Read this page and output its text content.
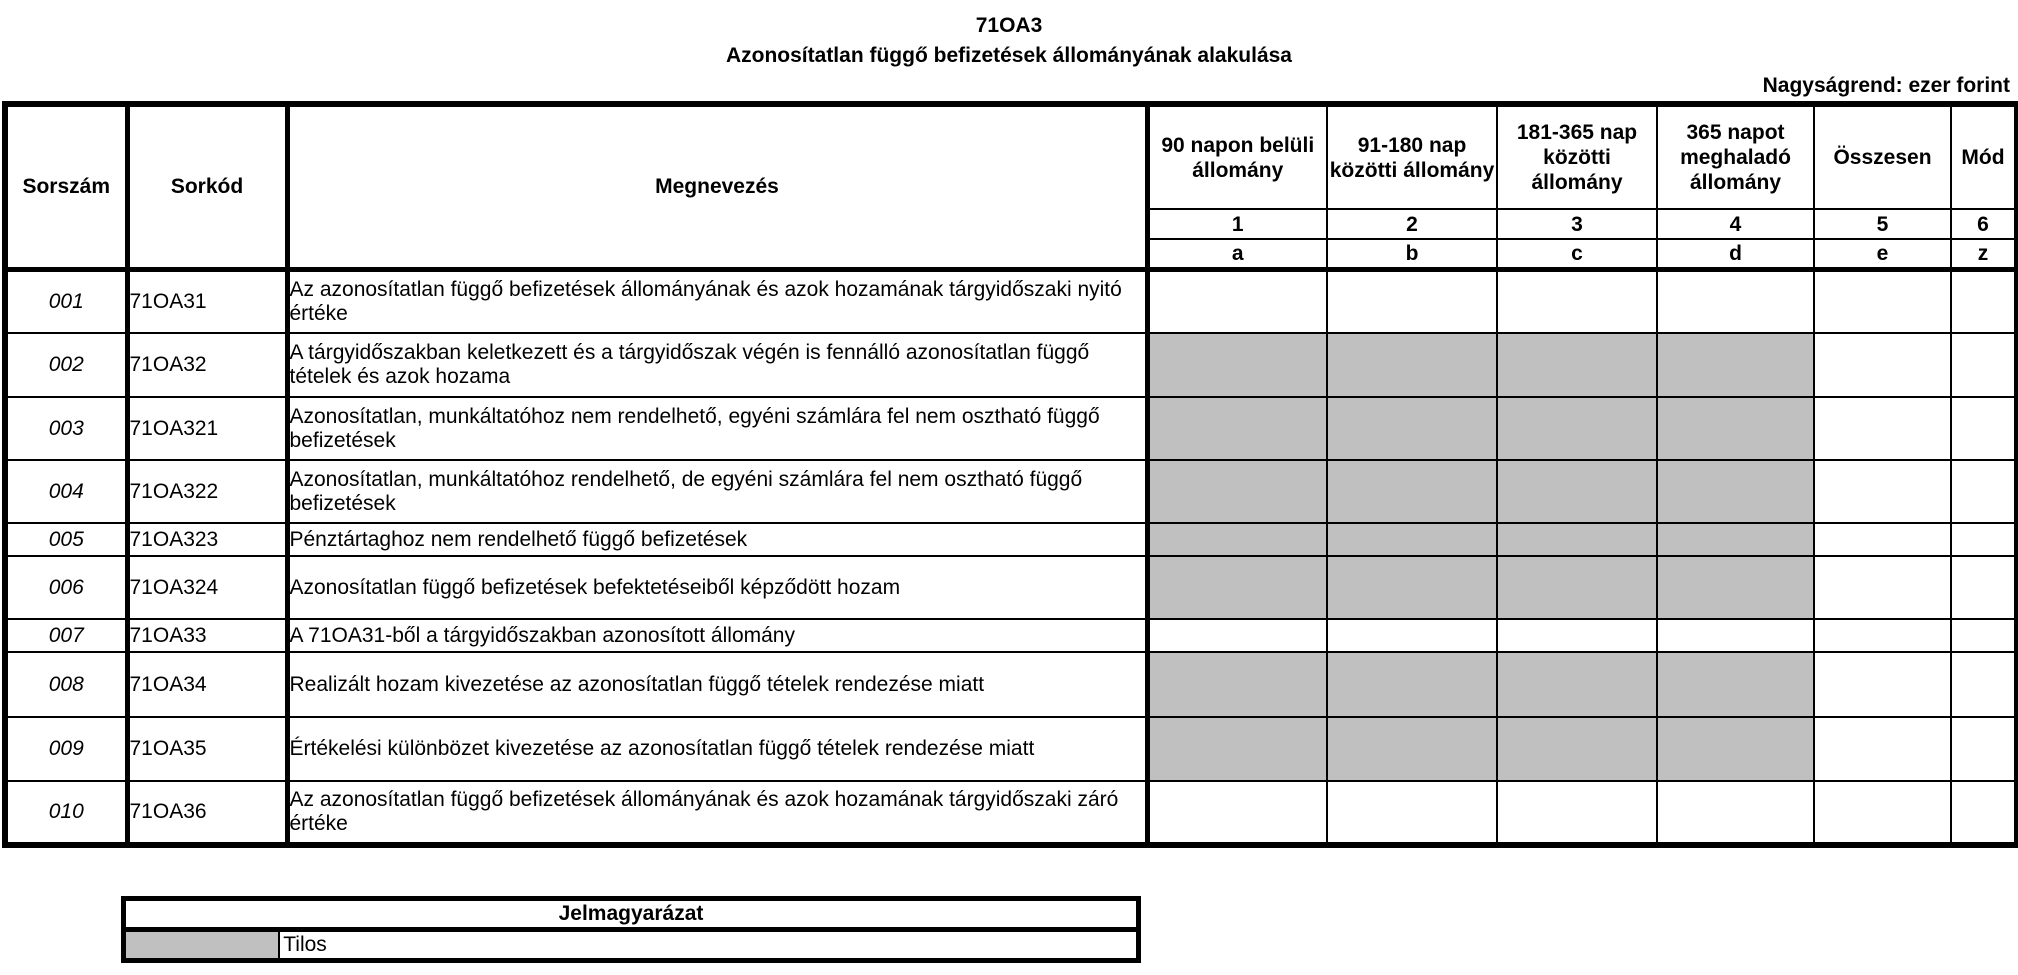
71OA3
Azonosítatlan függő befizetések állományának alakulása
Nagyságrend: ezer forint
Sorszám	Sorkód	Megnevezés	90 napon belüli állomány	91-180 nap közötti állomány	181-365 nap közötti állomány	365 napot meghaladó állomány	Összesen	Mód
			1	2	3	4	5	6
			a	b	c	d	e	z
001	71OA31	Az azonosítatlan függő befizetések állományának és azok hozamának tárgyidőszaki nyitó értéke						
002	71OA32	A tárgyidőszakban keletkezett és a tárgyidőszak végén is fennálló azonosítatlan függő tételek és azok hozama						
003	71OA321	Azonosítatlan, munkáltatóhoz nem rendelhető, egyéni számlára fel nem osztható függő befizetések						
004	71OA322	Azonosítatlan, munkáltatóhoz rendelhető, de egyéni számlára fel nem osztható függő befizetések						
005	71OA323	Pénztártaghoz nem rendelhető függő befizetések						
006	71OA324	Azonosítatlan függő befizetések befektetéseiből képződött hozam						
007	71OA33	A 71OA31-ből a tárgyidőszakban azonosított állomány						
008	71OA34	Realizált hozam kivezetése az azonosítatlan függő tételek rendezése miatt						
009	71OA35	Értékelési különbözet kivezetése az azonosítatlan függő tételek rendezése miatt						
010	71OA36	Az azonosítatlan függő befizetések állományának és azok hozamának tárgyidőszaki záró értéke						
Jelmagyarázat
	Tilos
